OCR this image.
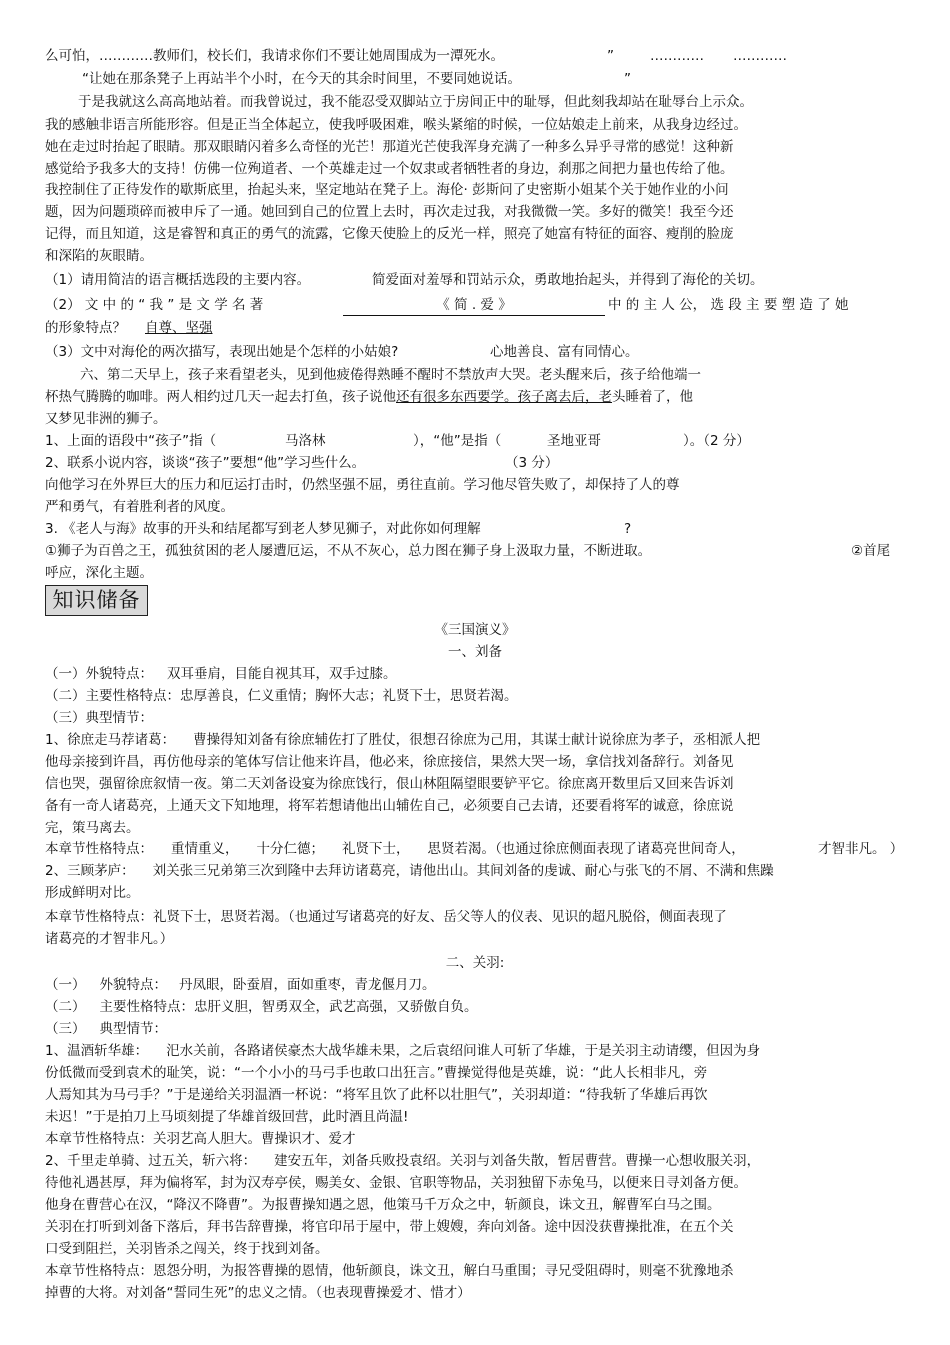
么可怕，…………教师们，校长们，我请求你们不要让她周围成为一潭死水。	”	………… …………
“让她在那条凳子上再站半个小时，在今天的其余时间里，不要同她说话。	”
于是我就这么高高地站着。而我曾说过，我不能忍受双脚站立于房间正中的耻辱，但此刻我却站在耻辱台上示众。
我的感触非语言所能形容。但是正当全体起立，使我呼吸困难，喉头紧缩的时候，一位姑娘走上前来，从我身边经过。
她在走过时抬起了眼睛。那双眼睛闪着多么奇怪的光芒！那道光芒使我浑身充满了一种多么异乎寻常的感觉！这种新
感觉给予我多大的支持！仿佛一位殉道者、一个英雄走过一个奴隶或者牺牲者的身边，刹那之间把力量也传给了他。
我控制住了正待发作的歇斯底里，抬起头来，坚定地站在凳子上。海伦· 彭斯问了史密斯小姐某个关于她作业的小问
题，因为问题琐碎而被申斥了一通。她回到自己的位置上去时，再次走过我，对我微微一笑。多好的微笑！我至今还
记得，而且知道，这是睿智和真正的勇气的流露，它像天使脸上的反光一样，照亮了她富有特征的面容、瘦削的脸庞
和深陷的灰眼睛。
（1）请用简洁的语言概括选段的主要内容。	简爱面对羞辱和罚站示众，勇敢地抬起头，并得到了海伦的关切。
（2） 文 中 的 “ 我 ” 是 文 学 名 著	《 简 . 爱 》	中 的 主 人 公， 选 段 主 要 塑 造 了 她
的形象特点？ 自尊、坚强
（3）文中对海伦的两次描写，表现出她是个怎样的小姑娘?	心地善良、富有同情心。
六、第二天早上，孩子来看望老头，见到他疲倦得熟睡不醒时不禁放声大哭。老头醒来后，孩子给他端一
杯热气腾腾的咖啡。两人相约过几天一起去打鱼，孩子说他还有很多东西要学。孩子离去后，老头睡着了，他
又梦见非洲的狮子。
1、上面的语段中“孩子”指（	马洛林	），“他”是指（	圣地亚哥	）。（2 分）
2、联系小说内容，谈谈“孩子”要想“他”学习些什么。	（3 分）
向他学习在外界巨大的压力和厄运打击时，仍然坚强不屈，勇往直前。学习他尽管失败了，却保持了人的尊
严和勇气，有着胜利者的风度。
3. 《老人与海》故事的开头和结尾都写到老人梦见狮子，对此你如何理解	?
①狮子为百兽之王，孤独贫困的老人屡遭厄运，不从不灰心，总力图在狮子身上汲取力量，不断进取。	②首尾
呼应，深化主题。
知识储备
《三国演义》
一、刘备
（一）外貌特点： 双耳垂肩，目能自视其耳，双手过膝。
（二）主要性格特点：忠厚善良，仁义重情；胸怀大志；礼贤下士，思贤若渴。
（三）典型情节：
1、徐庶走马荐诸葛： 曹操得知刘备有徐庶辅佐打了胜仗，很想召徐庶为己用，其谋士献计说徐庶为孝子，丞相派人把
他母亲接到许昌，再仿他母亲的笔体写信让他来许昌，他必来，徐庶接信，果然大哭一场，拿信找刘备辞行。刘备见
信也哭，强留徐庶叙情一夜。第二天刘备设宴为徐庶饯行，佷山林阻隔望眼要铲平它。徐庶离开数里后又回来告诉刘
备有一奇人诸葛亮，上通天文下知地理，将军若想请他出山辅佐自己，必须要自己去请，还要看将军的诚意，徐庶说
完，策马离去。
本章节性格特点： 重情重义， 十分仁德； 礼贤下士， 思贤若渴。（也通过徐庶侧面表现了诸葛亮世间奇人，	才智非凡。 ）
2、三顾茅庐： 刘关张三兄弟第三次到隆中去拜访诸葛亮，请他出山。其间刘备的虔诚、耐心与张飞的不屑、不满和焦躁
形成鲜明对比。
本章节性格特点：礼贤下士，思贤若渴。（也通过写诸葛亮的好友、岳父等人的仪表、见识的超凡脱俗，侧面表现了
诸葛亮的才智非凡。）
二、关羽:
（一） 外貌特点： 丹凤眼，卧蚕眉，面如重枣，青龙偃月刀。
（二） 主要性格特点：忠肝义胆，智勇双全，武艺高强，又骄傲自负。
（三） 典型情节：
1、温酒斩华雄： 汜水关前，各路诸侯豪杰大战华雄未果，之后袁绍问谁人可斩了华雄，于是关羽主动请缨，但因为身
份低微而受到袁术的耻笑，说：“一个小小的马弓手也敢口出狂言。”曹操觉得他是英雄，说：“此人长相非凡，旁
人焉知其为马弓手？”于是递给关羽温酒一杯说：“将军且饮了此杯以壮胆气”，关羽却道：“待我斩了华雄后再饮
未迟！”于是拍刀上马顷刻提了华雄首级回营，此时酒且尚温!
本章节性格特点：关羽艺高人胆大。曹操识才、爱才
2、千里走单骑、过五关，斩六将： 建安五年，刘备兵败投袁绍。关羽与刘备失散，暂居曹营。曹操一心想收服关羽，
待他礼遇甚厚，拜为偏将军，封为汉寿亭侯，赐美女、金银、官职等物品，关羽独留下赤兔马，以便来日寻刘备方便。
他身在曹营心在汉，“降汉不降曹”。为报曹操知遇之恩，他策马千万众之中，斩颜良，诛文丑，解曹军白马之围。
关羽在打听到刘备下落后，拜书告辞曹操，将官印吊于屋中，带上嫂嫂，奔向刘备。途中因没获曹操批准，在五个关
口受到阻拦，关羽皆杀之闯关，终于找到刘备。
本章节性格特点：恩怨分明，为报答曹操的恩情，他斩颜良，诛文丑，解白马重围；寻兄受阻碍时，则毫不犹豫地杀
掉曹的大将。对刘备“誓同生死”的忠义之情。（也表现曹操爱才、惜才）
